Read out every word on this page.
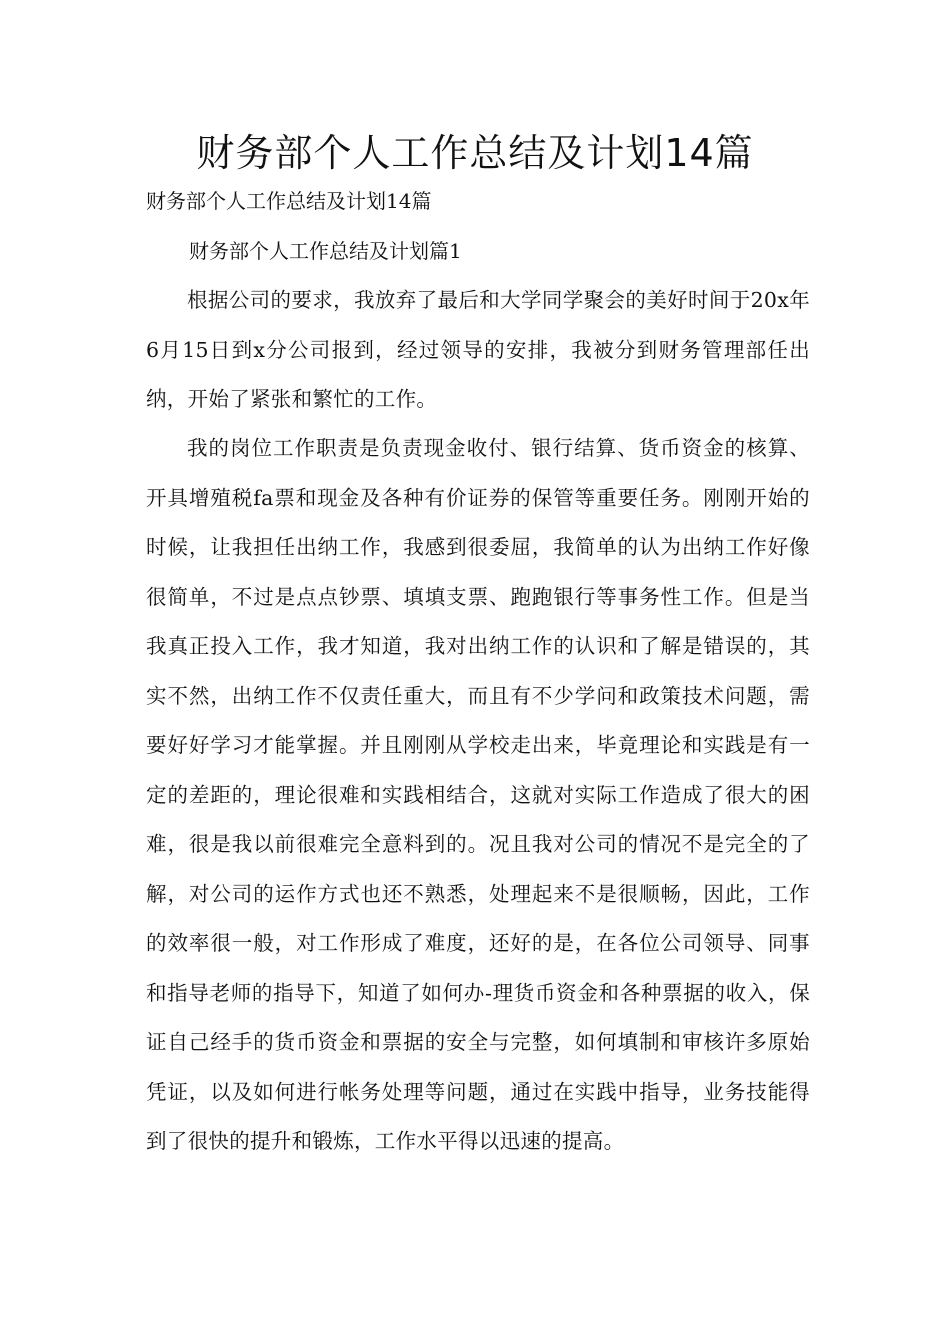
财务部个人工作总结及计划14篇
财务部个人工作总结及计划14篇
财务部个人工作总结及计划篇1

根据公司的要求，我放弃了最后和大学同学聚会的美好时间于20x年6月15日到x分公司报到，经过领导的安排，我被分到财务管理部任出纳，开始了紧张和繁忙的工作。

我的岗位工作职责是负责现金收付、银行结算、货币资金的核算、开具增殖税fa票和现金及各种有价证券的保管等重要任务。刚刚开始的时候，让我担任出纳工作，我感到很委屈，我简单的认为出纳工作好像很简单，不过是点点钞票、填填支票、跑跑银行等事务性工作。但是当我真正投入工作，我才知道，我对出纳工作的认识和了解是错误的，其实不然，出纳工作不仅责任重大，而且有不少学问和政策技术问题，需要好好学习才能掌握。并且刚刚从学校走出来，毕竟理论和实践是有一定的差距的，理论很难和实践相结合，这就对实际工作造成了很大的困难，很是我以前很难完全意料到的。况且我对公司的情况不是完全的了解，对公司的运作方式也还不熟悉，处理起来不是很顺畅，因此，工作的效率很一般，对工作形成了难度，还好的是，在各位公司领导、同事和指导老师的指导下，知道了如何办-理货币资金和各种票据的收入，保证自己经手的货币资金和票据的安全与完整，如何填制和审核许多原始凭证，以及如何进行帐务处理等问题，通过在实践中指导，业务技能得到了很快的提升和锻炼，工作水平得以迅速的提高。
